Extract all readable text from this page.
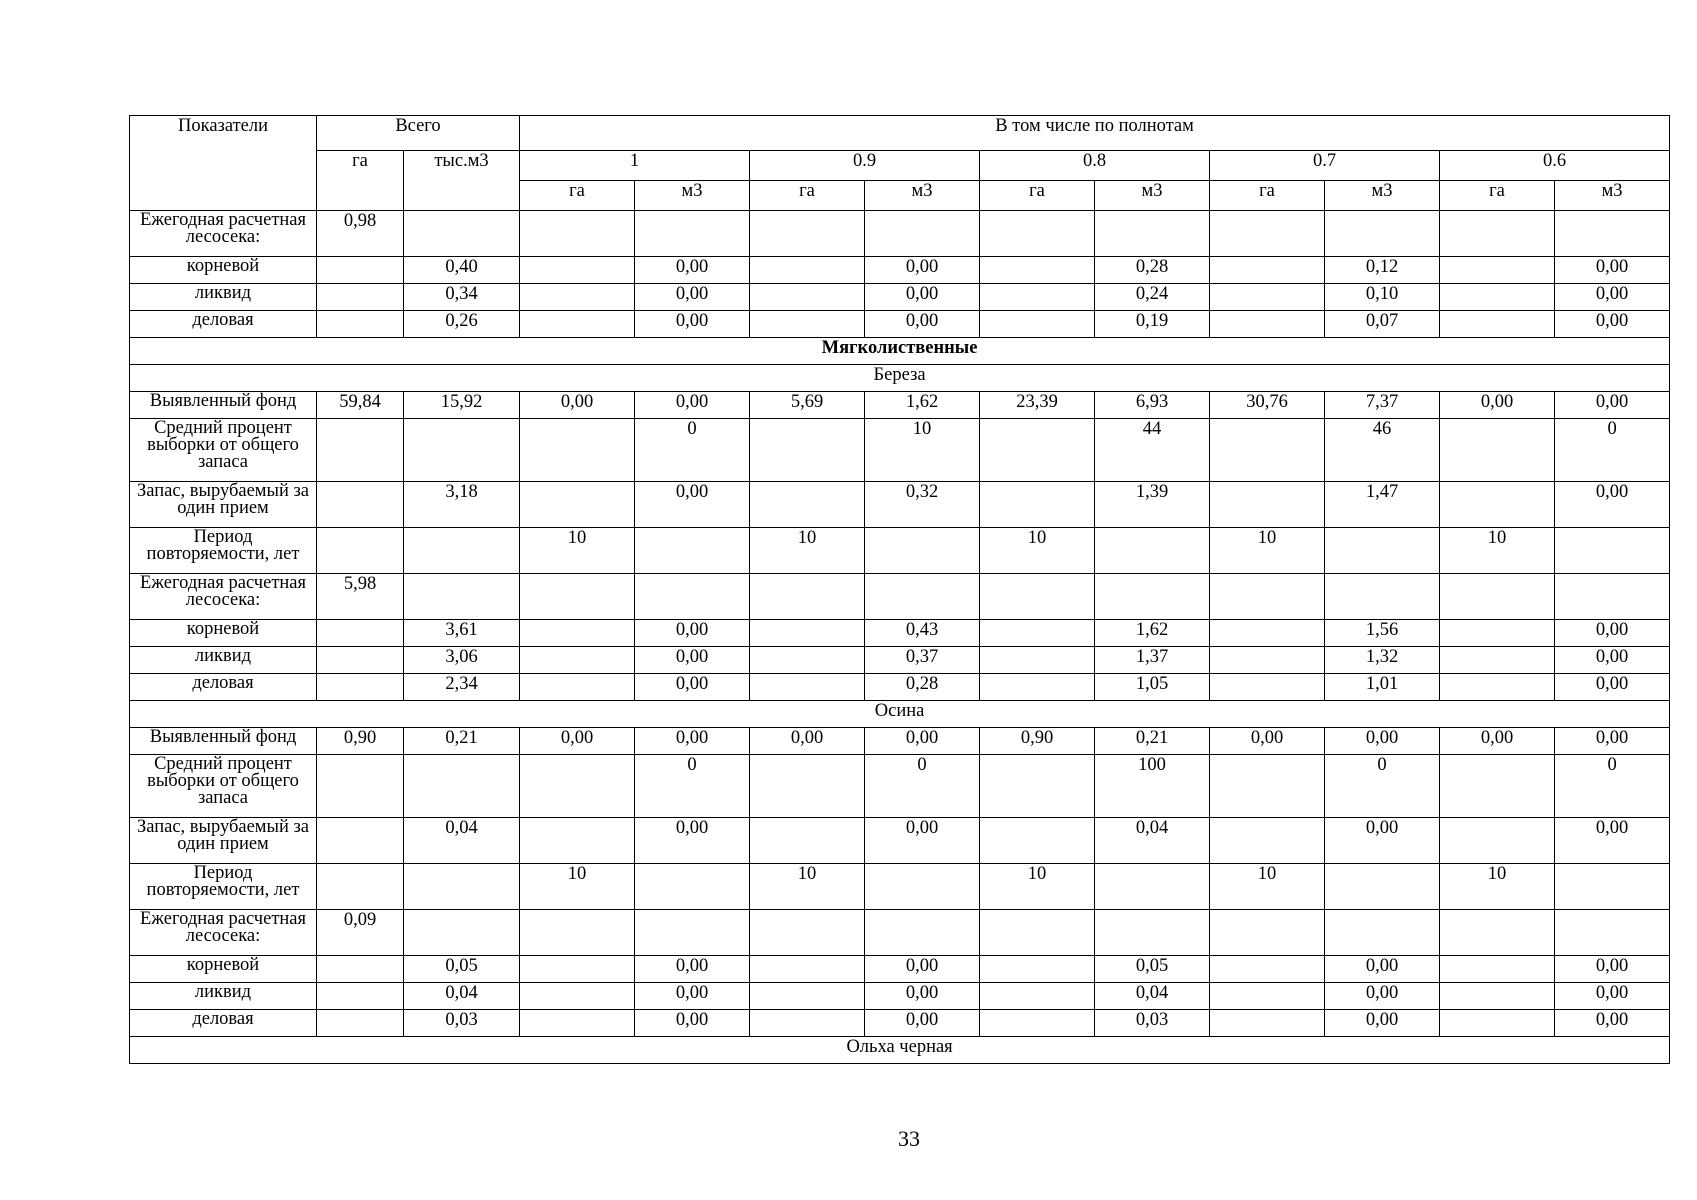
Показатели	Всего		В том числе по полнотам									
	га	тыс.м3	1		0.9		0.8		0.7		0.6	
			га	м3	га	м3	га	м3	га	м3	га	м3
Ежегодная расчетная лесосека:	0,98											
корневой		0,40		0,00		0,00		0,28		0,12		0,00
ликвид		0,34		0,00		0,00		0,24		0,10		0,00
деловая		0,26		0,00		0,00		0,19		0,07		0,00
Мягколиственные												
Береза												
Выявленный фонд	59,84	15,92	0,00	0,00	5,69	1,62	23,39	6,93	30,76	7,37	0,00	0,00
Средний процент выборки от общего запаса				0		10		44		46		0
Запас, вырубаемый за один прием		3,18		0,00		0,32		1,39		1,47		0,00
Период повторяемости, лет			10		10		10		10		10	
Ежегодная расчетная лесосека:	5,98											
корневой		3,61		0,00		0,43		1,62		1,56		0,00
ликвид		3,06		0,00		0,37		1,37		1,32		0,00
деловая		2,34		0,00		0,28		1,05		1,01		0,00
Осина												
Выявленный фонд	0,90	0,21	0,00	0,00	0,00	0,00	0,90	0,21	0,00	0,00	0,00	0,00
Средний процент выборки от общего запаса				0		0		100		0		0
Запас, вырубаемый за один прием		0,04		0,00		0,00		0,04		0,00		0,00
Период повторяемости, лет			10		10		10		10		10	
Ежегодная расчетная лесосека:	0,09											
корневой		0,05		0,00		0,00		0,05		0,00		0,00
ликвид		0,04		0,00		0,00		0,04		0,00		0,00
деловая		0,03		0,00		0,00		0,03		0,00		0,00
Ольха черная												
33
